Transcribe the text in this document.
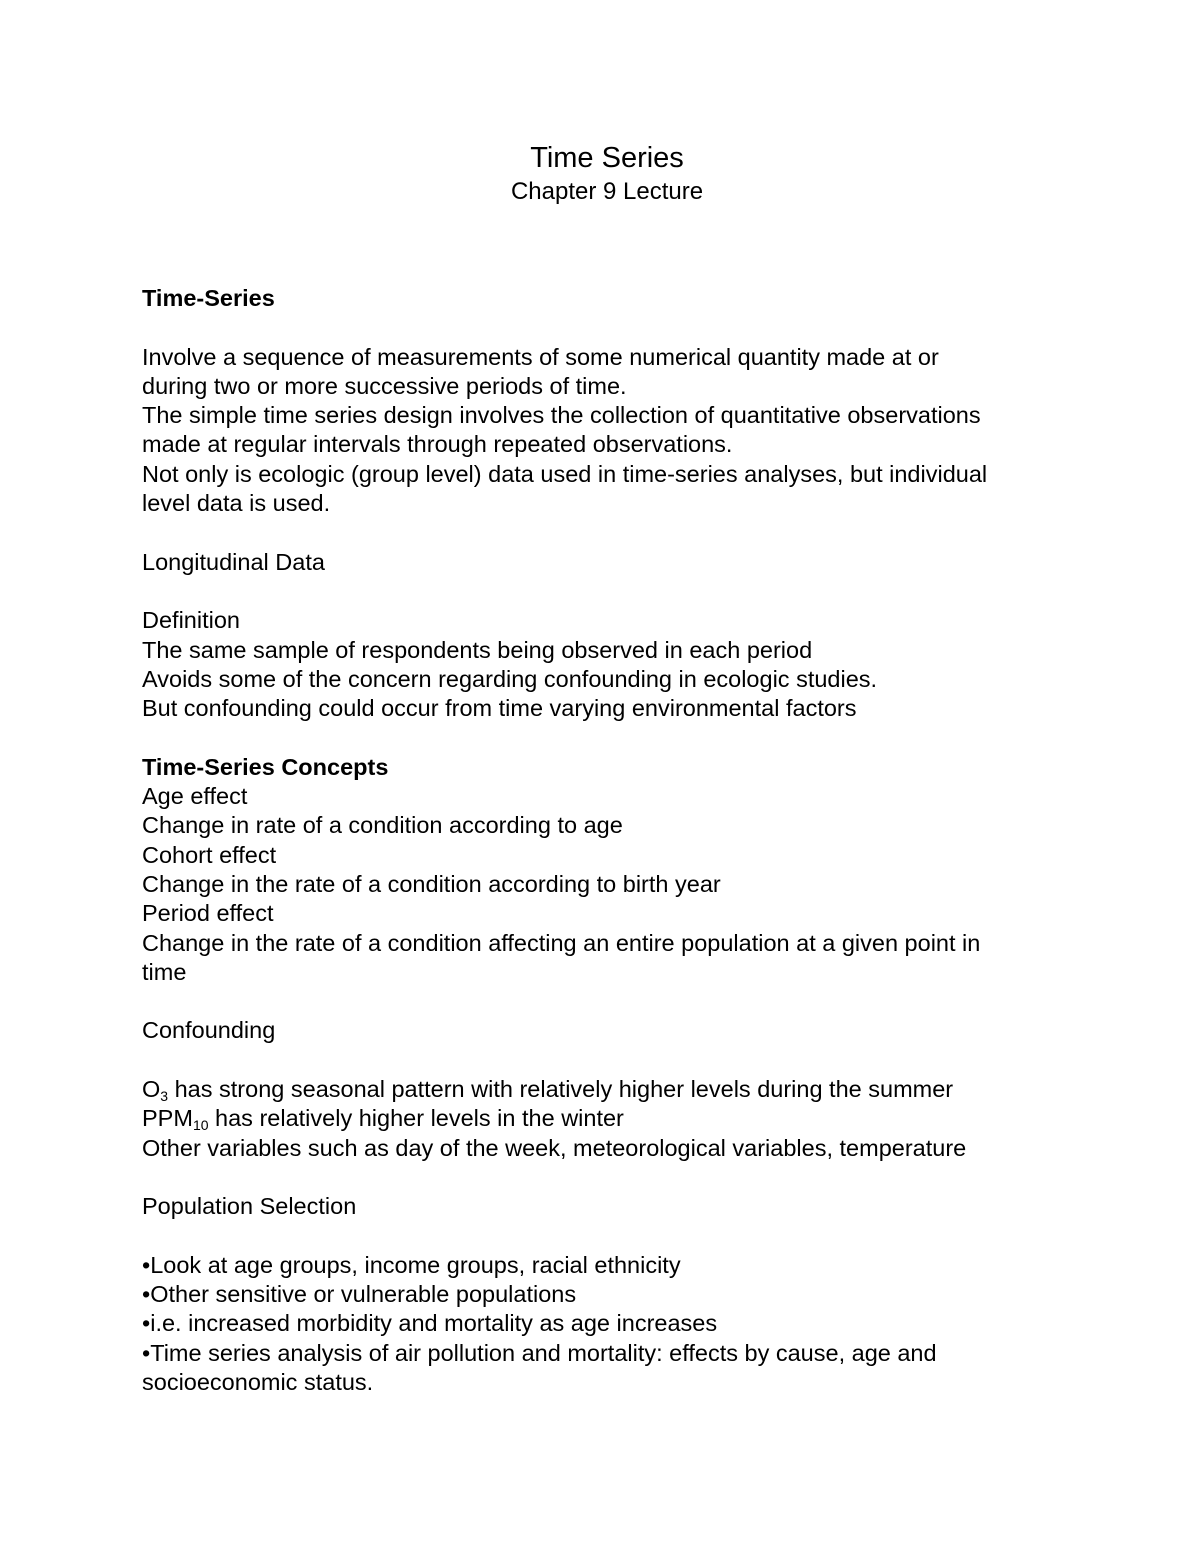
Time Series
Chapter 9 Lecture

Time-Series

Involve a sequence of measurements of some numerical quantity made at or

during two or more successive periods of time.

The simple time series design involves the collection of quantitative observations

made at regular intervals through repeated observations.

Not only is ecologic (group level) data used in time-series analyses, but individual

level data is used.

Longitudinal Data

Definition

The same sample of respondents being observed in each period

Avoids some of the concern regarding confounding in ecologic studies.

But confounding could occur from time varying environmental factors

Time-Series Concepts

Age effect

Change in rate of a condition according to age

Cohort effect

Change in the rate of a condition according to birth year

Period effect

Change in the rate of a condition affecting an entire population at a given point in

time

Confounding

$O_3$ has strong seasonal pattern with relatively higher levels during the summer

$PPM_{10}$ has relatively higher levels in the winter

Other variables such as day of the week, meteorological variables, temperature

Population Selection

•Look at age groups, income groups, racial ethnicity

•Other sensitive or vulnerable populations

•i.e. increased morbidity and mortality as age increases

•Time series analysis of air pollution and mortality: effects by cause, age and

socioeconomic status.
